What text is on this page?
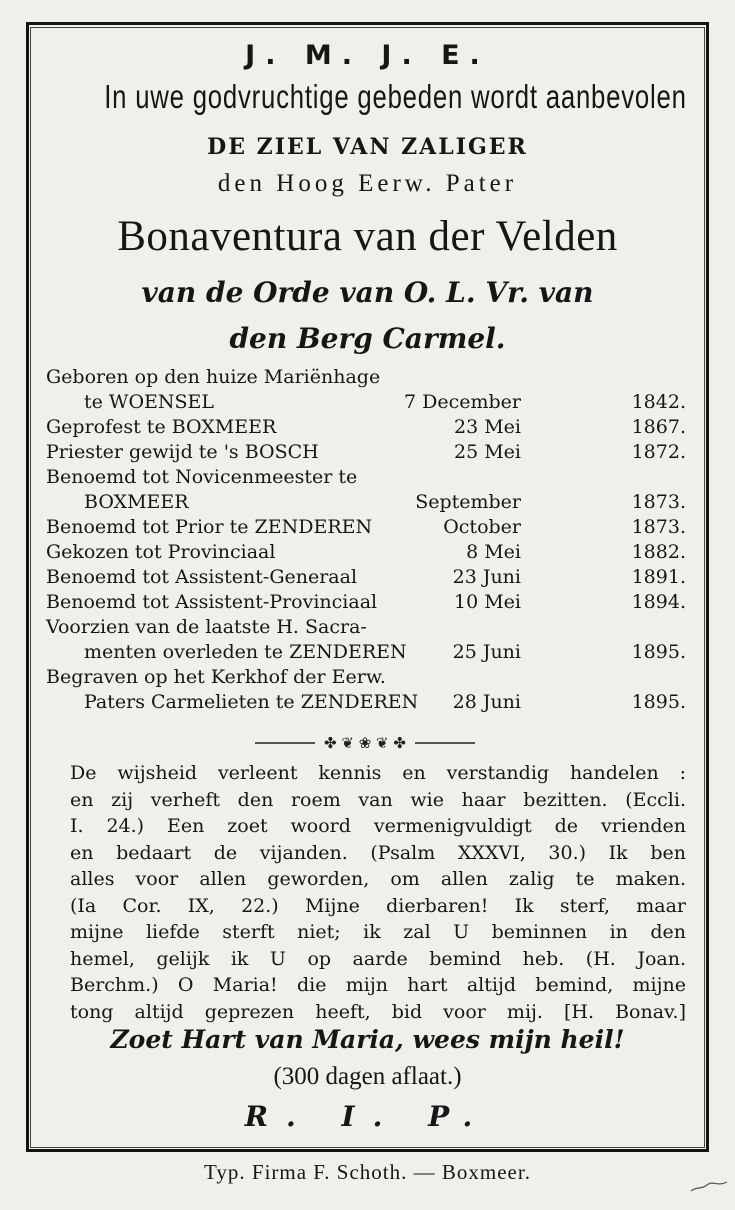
J. M. J. E.
In uwe godvruchtige gebeden wordt aanbevolen
DE ZIEL VAN ZALIGER
den Hoog Eerw. Pater
Bonaventura van der Velden
van de Orde van O. L. Vr. van
den Berg Carmel.
Geboren op den huize Mariënhage
te WOENSEL	7 December	1842.
Geprofest te BOXMEER	23 Mei	1867.
Priester gewijd te 's BOSCH	25 Mei	1872.
Benoemd tot Novicenmeester te
BOXMEER	September	1873.
Benoemd tot Prior te ZENDEREN	October	1873.
Gekozen tot Provinciaal	8 Mei	1882.
Benoemd tot Assistent-Generaal	23 Juni	1891.
Benoemd tot Assistent-Provinciaal	10 Mei	1894.
Voorzien van de laatste H. Sacra-
menten overleden te ZENDEREN 25 Juni	1895.
Begraven op het Kerkhof der Eerw.
Paters Carmelieten te ZENDEREN 28 Juni	1895.
✤ ❦ ❀ ❦ ✤
De wijsheid verleent kennis en verstandig handelen :
en zij verheft den roem van wie haar bezitten. (Eccli.
I. 24.) Een zoet woord vermenigvuldigt de vrienden
en bedaart de vijanden. (Psalm XXXVI, 30.) Ik ben
alles voor allen geworden, om allen zalig te maken.
(Ia Cor. IX, 22.) Mijne dierbaren! Ik sterf, maar
mijne liefde sterft niet; ik zal U beminnen in den
hemel, gelijk ik U op aarde bemind heb. (H. Joan.
Berchm.) O Maria! die mijn hart altijd bemind, mijne
tong altijd geprezen heeft, bid voor mij. [H. Bonav.]
Zoet Hart van Maria, wees mijn heil!
(300 dagen aflaat.)
R. I. P.
Typ. Firma F. Schoth. — Boxmeer.
